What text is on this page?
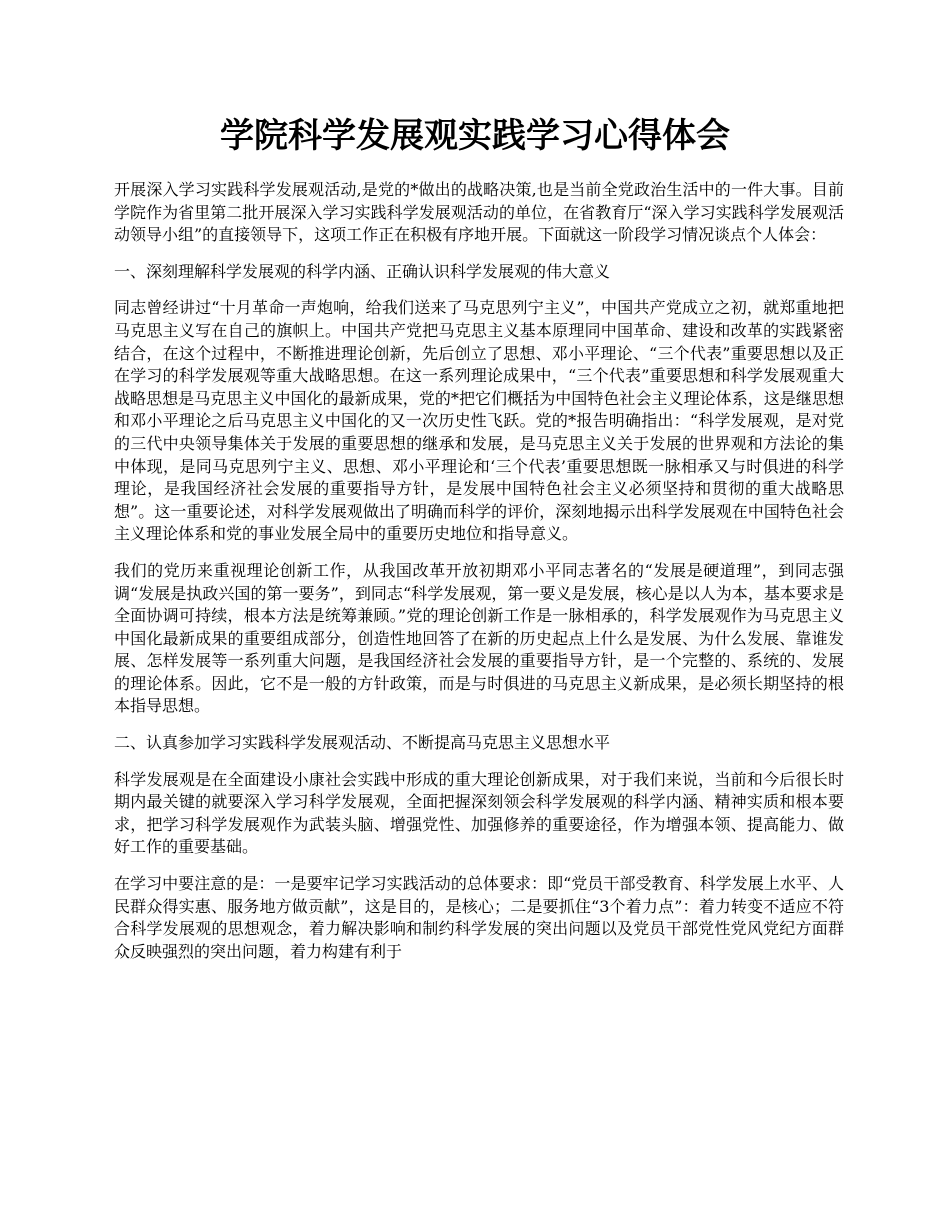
学院科学发展观实践学习心得体会

开展深入学习实践科学发展观活动,是党的*做出的战略决策,也是当前全党政治生活中的一件大事。目前学院作为省里第二批开展深入学习实践科学发展观活动的单位，在省教育厅“深入学习实践科学发展观活动领导小组”的直接领导下，这项工作正在积极有序地开展。下面就这一阶段学习情况谈点个人体会：

一、深刻理解科学发展观的科学内涵、正确认识科学发展观的伟大意义

同志曾经讲过“十月革命一声炮响，给我们送来了马克思列宁主义”，中国共产党成立之初，就郑重地把马克思主义写在自己的旗帜上。中国共产党把马克思主义基本原理同中国革命、建设和改革的实践紧密结合，在这个过程中，不断推进理论创新，先后创立了思想、邓小平理论、“三个代表”重要思想以及正在学习的科学发展观等重大战略思想。在这一系列理论成果中，“三个代表”重要思想和科学发展观重大战略思想是马克思主义中国化的最新成果，党的*把它们概括为中国特色社会主义理论体系，这是继思想和邓小平理论之后马克思主义中国化的又一次历史性飞跃。党的*报告明确指出：“科学发展观，是对党的三代中央领导集体关于发展的重要思想的继承和发展，是马克思主义关于发展的世界观和方法论的集中体现，是同马克思列宁主义、思想、邓小平理论和‘三个代表’重要思想既一脉相承又与时俱进的科学理论，是我国经济社会发展的重要指导方针，是发展中国特色社会主义必须坚持和贯彻的重大战略思想”。这一重要论述，对科学发展观做出了明确而科学的评价，深刻地揭示出科学发展观在中国特色社会主义理论体系和党的事业发展全局中的重要历史地位和指导意义。

我们的党历来重视理论创新工作，从我国改革开放初期邓小平同志著名的“发展是硬道理”，到同志强调“发展是执政兴国的第一要务”，到同志“科学发展观，第一要义是发展，核心是以人为本，基本要求是全面协调可持续，根本方法是统筹兼顾。”党的理论创新工作是一脉相承的，科学发展观作为马克思主义中国化最新成果的重要组成部分，创造性地回答了在新的历史起点上什么是发展、为什么发展、靠谁发展、怎样发展等一系列重大问题，是我国经济社会发展的重要指导方针，是一个完整的、系统的、发展的理论体系。因此，它不是一般的方针政策，而是与时俱进的马克思主义新成果，是必须长期坚持的根本指导思想。

二、认真参加学习实践科学发展观活动、不断提高马克思主义思想水平

科学发展观是在全面建设小康社会实践中形成的重大理论创新成果，对于我们来说，当前和今后很长时期内最关键的就要深入学习科学发展观，全面把握深刻领会科学发展观的科学内涵、精神实质和根本要求，把学习科学发展观作为武装头脑、增强党性、加强修养的重要途径，作为增强本领、提高能力、做好工作的重要基础。

在学习中要注意的是：一是要牢记学习实践活动的总体要求：即“党员干部受教育、科学发展上水平、人民群众得实惠、服务地方做贡献”，这是目的，是核心；二是要抓住“3个着力点”：着力转变不适应不符合科学发展观的思想观念，着力解决影响和制约科学发展的突出问题以及党员干部党性党风党纪方面群众反映强烈的突出问题，着力构建有利于
